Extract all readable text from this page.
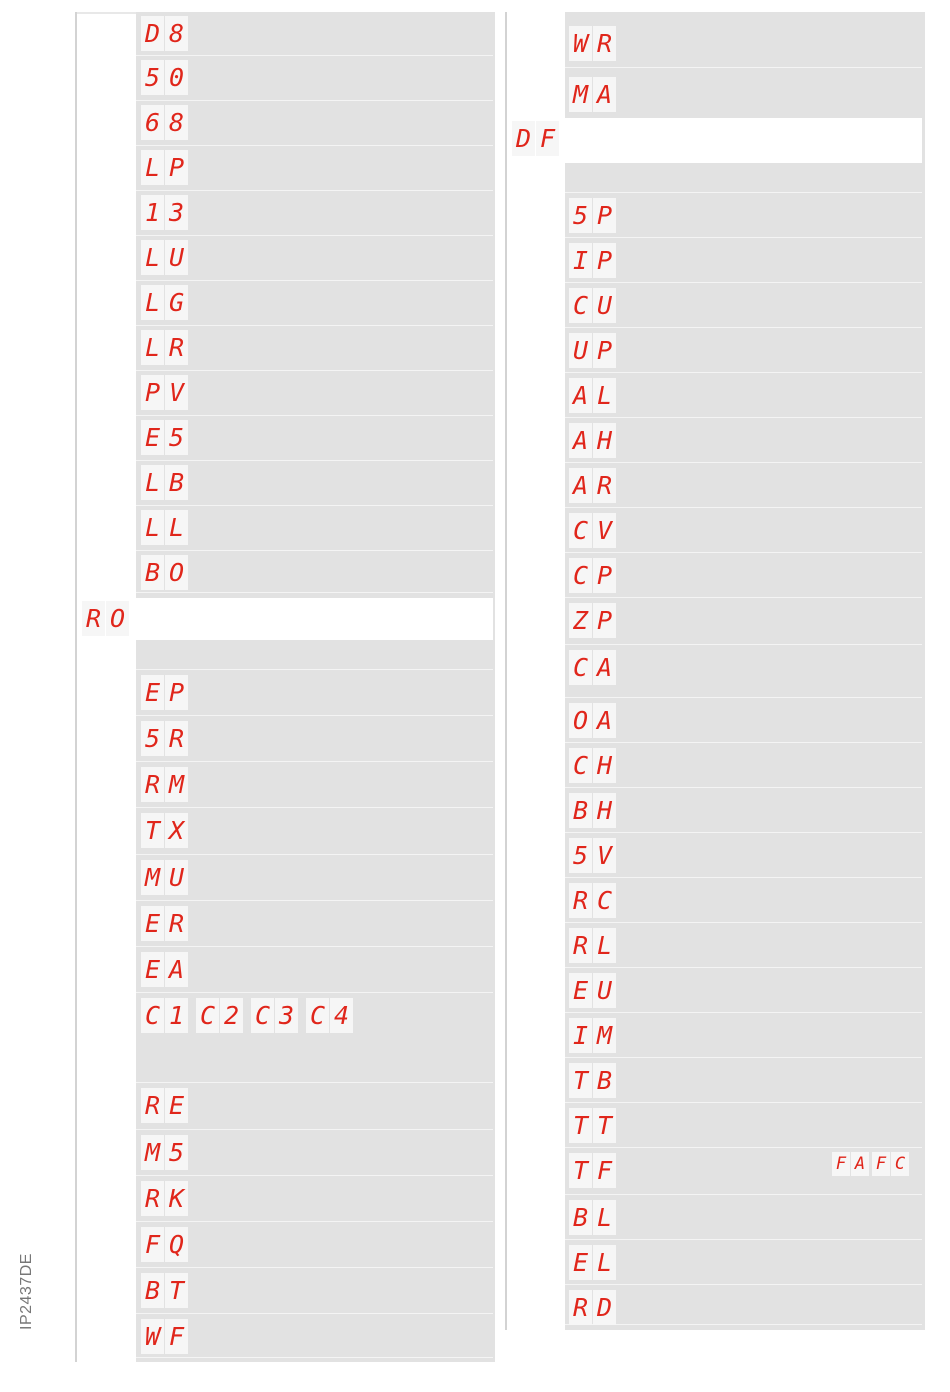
IP2437DE
D 8
5 0
6 8
L P
1 3
L U
L G
L R
P V
E 5
L B
L L
B O
R O
E P
5 R
R M
T X
M U
E R
E A
C 1 C 2 C 3 C 4
R E
M 5
R K
F Q
B T
W F
W R
M A
D F
5 P
I P
C U
U P
A L
A H
A R
C V
C P
Z P
C A
O A
C H
B H
5 V
R C
R L
E U
I M
T B
T T
T F	F A F C
B L
E L
R D
